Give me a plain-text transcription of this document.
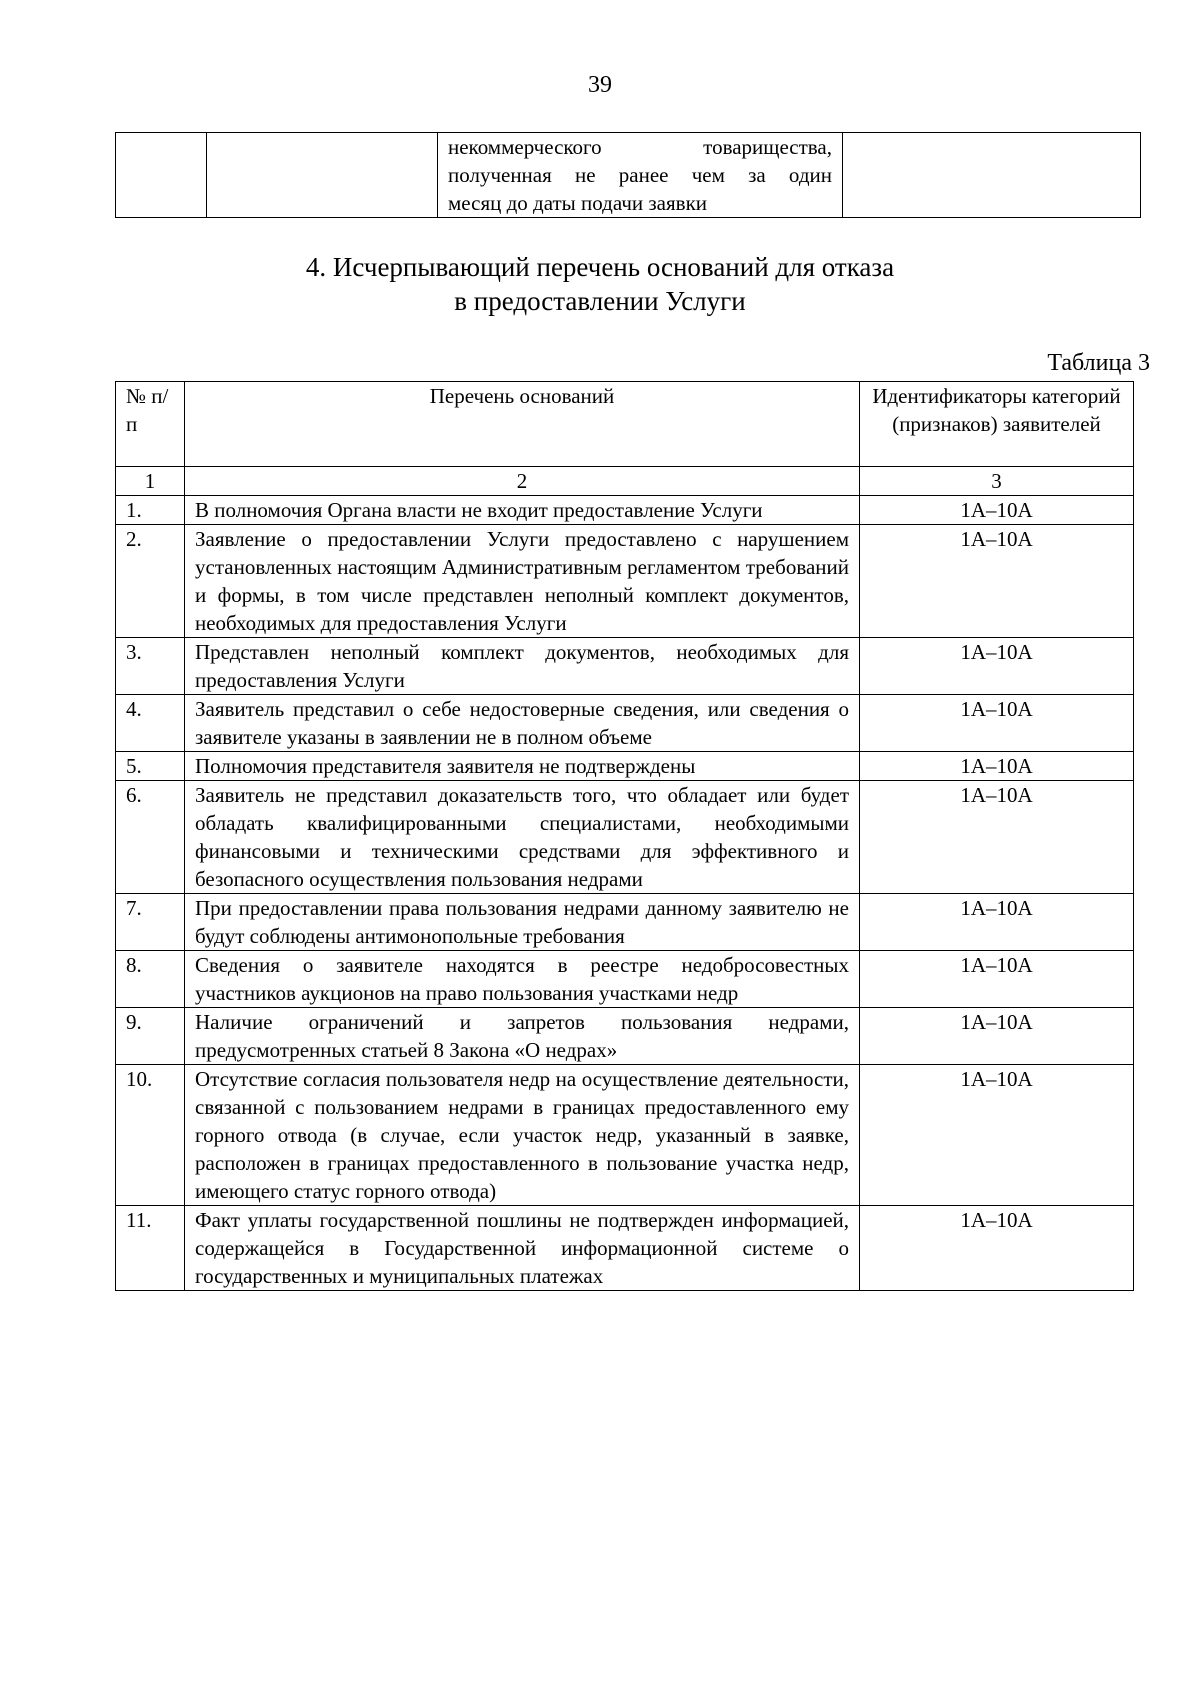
39

некоммерческого товарищества,
полученная не ранее чем за один
месяц до даты подачи заявки

4. Исчерпывающий перечень оснований для отказа
в предоставлении Услуги
Таблица 3
№ п/п	Перечень оснований	Идентификаторы категорий (признаков) заявителей
1	2	3
1.	В полномочия Органа власти не входит предоставление Услуги	1А–10А
2.	Заявление о предоставлении Услуги предоставлено с нарушением установленных настоящим Административным регламентом требований и формы, в том числе представлен неполный комплект документов, необходимых для предоставления Услуги	1А–10А
3.	Представлен неполный комплект документов, необходимых для предоставления Услуги	1А–10А
4.	Заявитель представил о себе недостоверные сведения, или сведения о заявителе указаны в заявлении не в полном объеме	1А–10А
5.	Полномочия представителя заявителя не подтверждены	1А–10А
6.	Заявитель не представил доказательств того, что обладает или будет обладать квалифицированными специалистами, необходимыми финансовыми и техническими средствами для эффективного и безопасного осуществления пользования недрами	1А–10А
7.	При предоставлении права пользования недрами данному заявителю не будут соблюдены антимонопольные требования	1А–10А
8.	Сведения о заявителе находятся в реестре недобросовестных участников аукционов на право пользования участками недр	1А–10А
9.	Наличие ограничений и запретов пользования недрами, предусмотренных статьей 8 Закона «О недрах»	1А–10А
10.	Отсутствие согласия пользователя недр на осуществление деятельности, связанной с пользованием недрами в границах предоставленного ему горного отвода (в случае, если участок недр, указанный в заявке, расположен в границах предоставленного в пользование участка недр, имеющего статус горного отвода)	1А–10А
11.	Факт уплаты государственной пошлины не подтвержден информацией, содержащейся в Государственной информационной системе о государственных и муниципальных платежах	1А–10А
